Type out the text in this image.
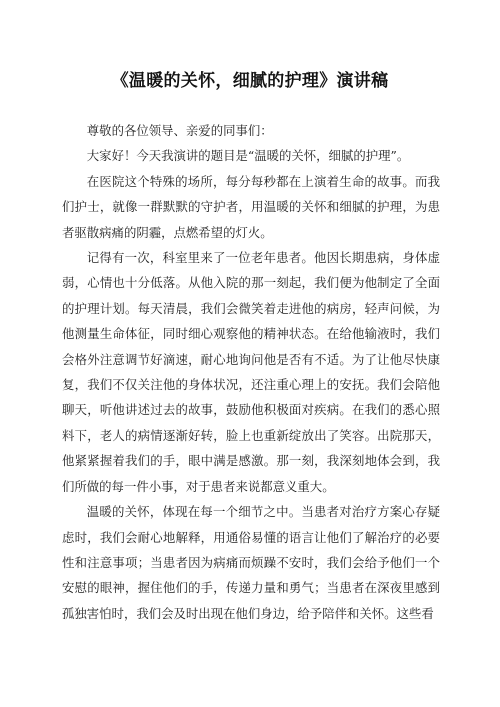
《温暖的关怀，细腻的护理》演讲稿

尊敬的各位领导、亲爱的同事们：

大家好！今天我演讲的题目是“温暖的关怀，细腻的护理”。

在医院这个特殊的场所，每分每秒都在上演着生命的故事。而我们护士，就像一群默默的守护者，用温暖的关怀和细腻的护理，为患者驱散病痛的阴霾，点燃希望的灯火。

记得有一次，科室里来了一位老年患者。他因长期患病，身体虚弱，心情也十分低落。从他入院的那一刻起，我们便为他制定了全面的护理计划。每天清晨，我们会微笑着走进他的病房，轻声问候，为他测量生命体征，同时细心观察他的精神状态。在给他输液时，我们会格外注意调节好滴速，耐心地询问他是否有不适。为了让他尽快康复，我们不仅关注他的身体状况，还注重心理上的安抚。我们会陪他聊天，听他讲述过去的故事，鼓励他积极面对疾病。在我们的悉心照料下，老人的病情逐渐好转，脸上也重新绽放出了笑容。出院那天，他紧紧握着我们的手，眼中满是感激。那一刻，我深刻地体会到，我们所做的每一件小事，对于患者来说都意义重大。

温暖的关怀，体现在每一个细节之中。当患者对治疗方案心存疑虑时，我们会耐心地解释，用通俗易懂的语言让他们了解治疗的必要性和注意事项；当患者因为病痛而烦躁不安时，我们会给予他们一个安慰的眼神，握住他们的手，传递力量和勇气；当患者在深夜里感到孤独害怕时，我们会及时出现在他们身边，给予陪伴和关怀。这些看
